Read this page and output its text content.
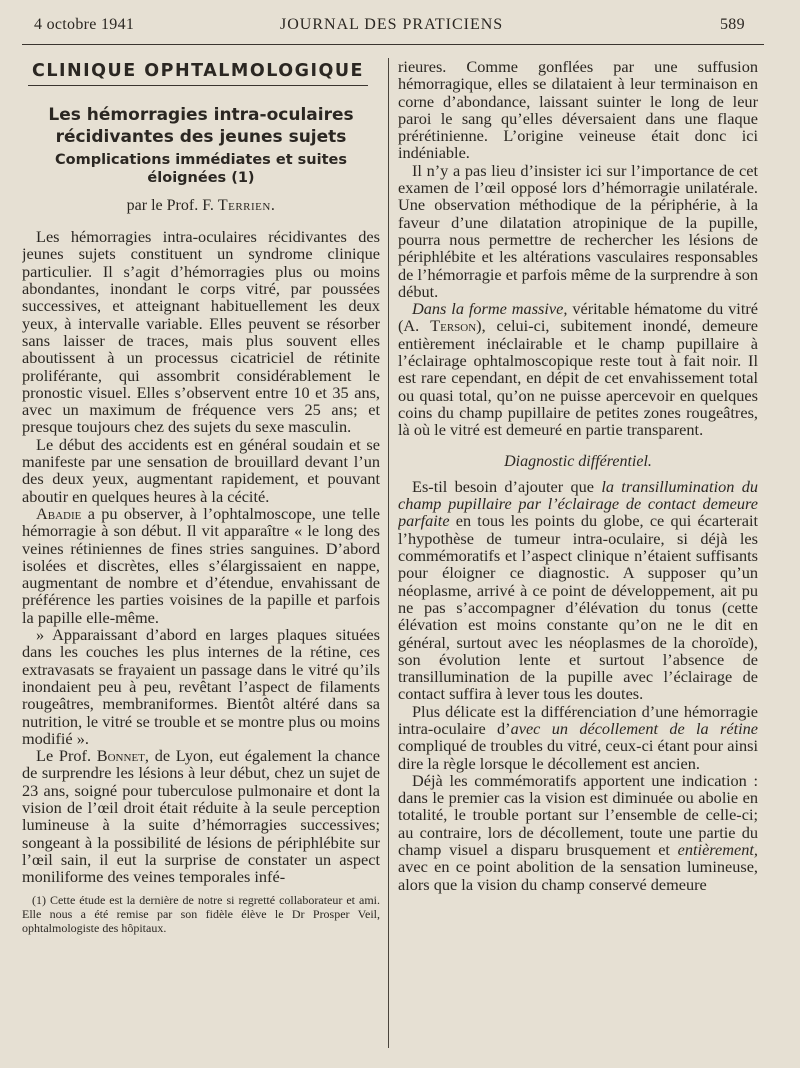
4 octobre 1941	JOURNAL DES PRATICIENS	589
CLINIQUE OPHTALMOLOGIQUE
Les hémorragies intra-oculaires
récidivantes des jeunes sujets
Complications immédiates et suites éloignées (1)
par le Prof. F. Terrien.

Les hémorragies intra-oculaires récidivantes des jeunes sujets constituent un syndrome clinique particulier. Il s’agit d’hémorragies plus ou moins abondantes, inondant le corps vitré, par poussées successives, et atteignant habituellement les deux yeux, à intervalle variable. Elles peuvent se résorber sans laisser de traces, mais plus souvent elles aboutissent à un processus cicatriciel de rétinite proliférante, qui assombrit considérablement le pronostic visuel. Elles s’observent entre 10 et 35 ans, avec un maximum de fréquence vers 25 ans; et presque toujours chez des sujets du sexe masculin.

Le début des accidents est en général soudain et se manifeste par une sensation de brouillard devant l’un des deux yeux, augmentant rapidement, et pouvant aboutir en quelques heures à la cécité.

Abadie a pu observer, à l’ophtalmoscope, une telle hémorragie à son début. Il vit apparaître « le long des veines rétiniennes de fines stries sanguines. D’abord isolées et discrètes, elles s’élargissaient en nappe, augmentant de nombre et d’étendue, envahissant de préférence les parties voisines de la papille et parfois la papille elle-même.

» Apparaissant d’abord en larges plaques situées dans les couches les plus internes de la rétine, ces extravasats se frayaient un passage dans le vitré qu’ils inondaient peu à peu, revêtant l’aspect de filaments rougeâtres, membraniformes. Bientôt altéré dans sa nutrition, le vitré se trouble et se montre plus ou moins modifié ».

Le Prof. Bonnet, de Lyon, eut également la chance de surprendre les lésions à leur début, chez un sujet de 23 ans, soigné pour tuberculose pulmonaire et dont la vision de l’œil droit était réduite à la seule perception lumineuse à la suite d’hémorragies successives; songeant à la possibilité de lésions de périphlébite sur l’œil sain, il eut la surprise de constater un aspect moniliforme des veines temporales infé-

(1) Cette étude est la dernière de notre si regretté collaborateur et ami. Elle nous a été remise par son fidèle élève le Dr Prosper Veil, ophtalmologiste des hôpitaux.

rieures. Comme gonflées par une suffusion hémorragique, elles se dilataient à leur terminaison en corne d’abondance, laissant suinter le long de leur paroi le sang qu’elles déversaient dans une flaque prérétinienne. L’origine veineuse était donc ici indéniable.

Il n’y a pas lieu d’insister ici sur l’importance de cet examen de l’œil opposé lors d’hémorragie unilatérale. Une observation méthodique de la périphérie, à la faveur d’une dilatation atropinique de la pupille, pourra nous permettre de rechercher les lésions de périphlébite et les altérations vasculaires responsables de l’hémorragie et parfois même de la surprendre à son début.

Dans la forme massive, véritable hématome du vitré (A. Terson), celui-ci, subitement inondé, demeure entièrement inéclairable et le champ pupillaire à l’éclairage ophtalmoscopique reste tout à fait noir. Il est rare cependant, en dépit de cet envahissement total ou quasi total, qu’on ne puisse apercevoir en quelques coins du champ pupillaire de petites zones rougeâtres, là où le vitré est demeuré en partie transparent.

Diagnostic différentiel.

Es-til besoin d’ajouter que la transillumination du champ pupillaire par l’éclairage de contact demeure parfaite en tous les points du globe, ce qui écarterait l’hypothèse de tumeur intra-oculaire, si déjà les commémoratifs et l’aspect clinique n’étaient suffisants pour éloigner ce diagnostic. A supposer qu’un néoplasme, arrivé à ce point de développement, ait pu ne pas s’accompagner d’élévation du tonus (cette élévation est moins constante qu’on ne le dit en général, surtout avec les néoplasmes de la choroïde), son évolution lente et surtout l’absence de transillumination de la pupille avec l’éclairage de contact suffira à lever tous les doutes.

Plus délicate est la différenciation d’une hémorragie intra-oculaire d’avec un décollement de la rétine compliqué de troubles du vitré, ceux-ci étant pour ainsi dire la règle lorsque le décollement est ancien.

Déjà les commémoratifs apportent une indication : dans le premier cas la vision est diminuée ou abolie en totalité, le trouble portant sur l’ensemble de celle-ci; au contraire, lors de décollement, toute une partie du champ visuel a disparu brusquement et entièrement, avec en ce point abolition de la sensation lumineuse, alors que la vision du champ conservé demeure
